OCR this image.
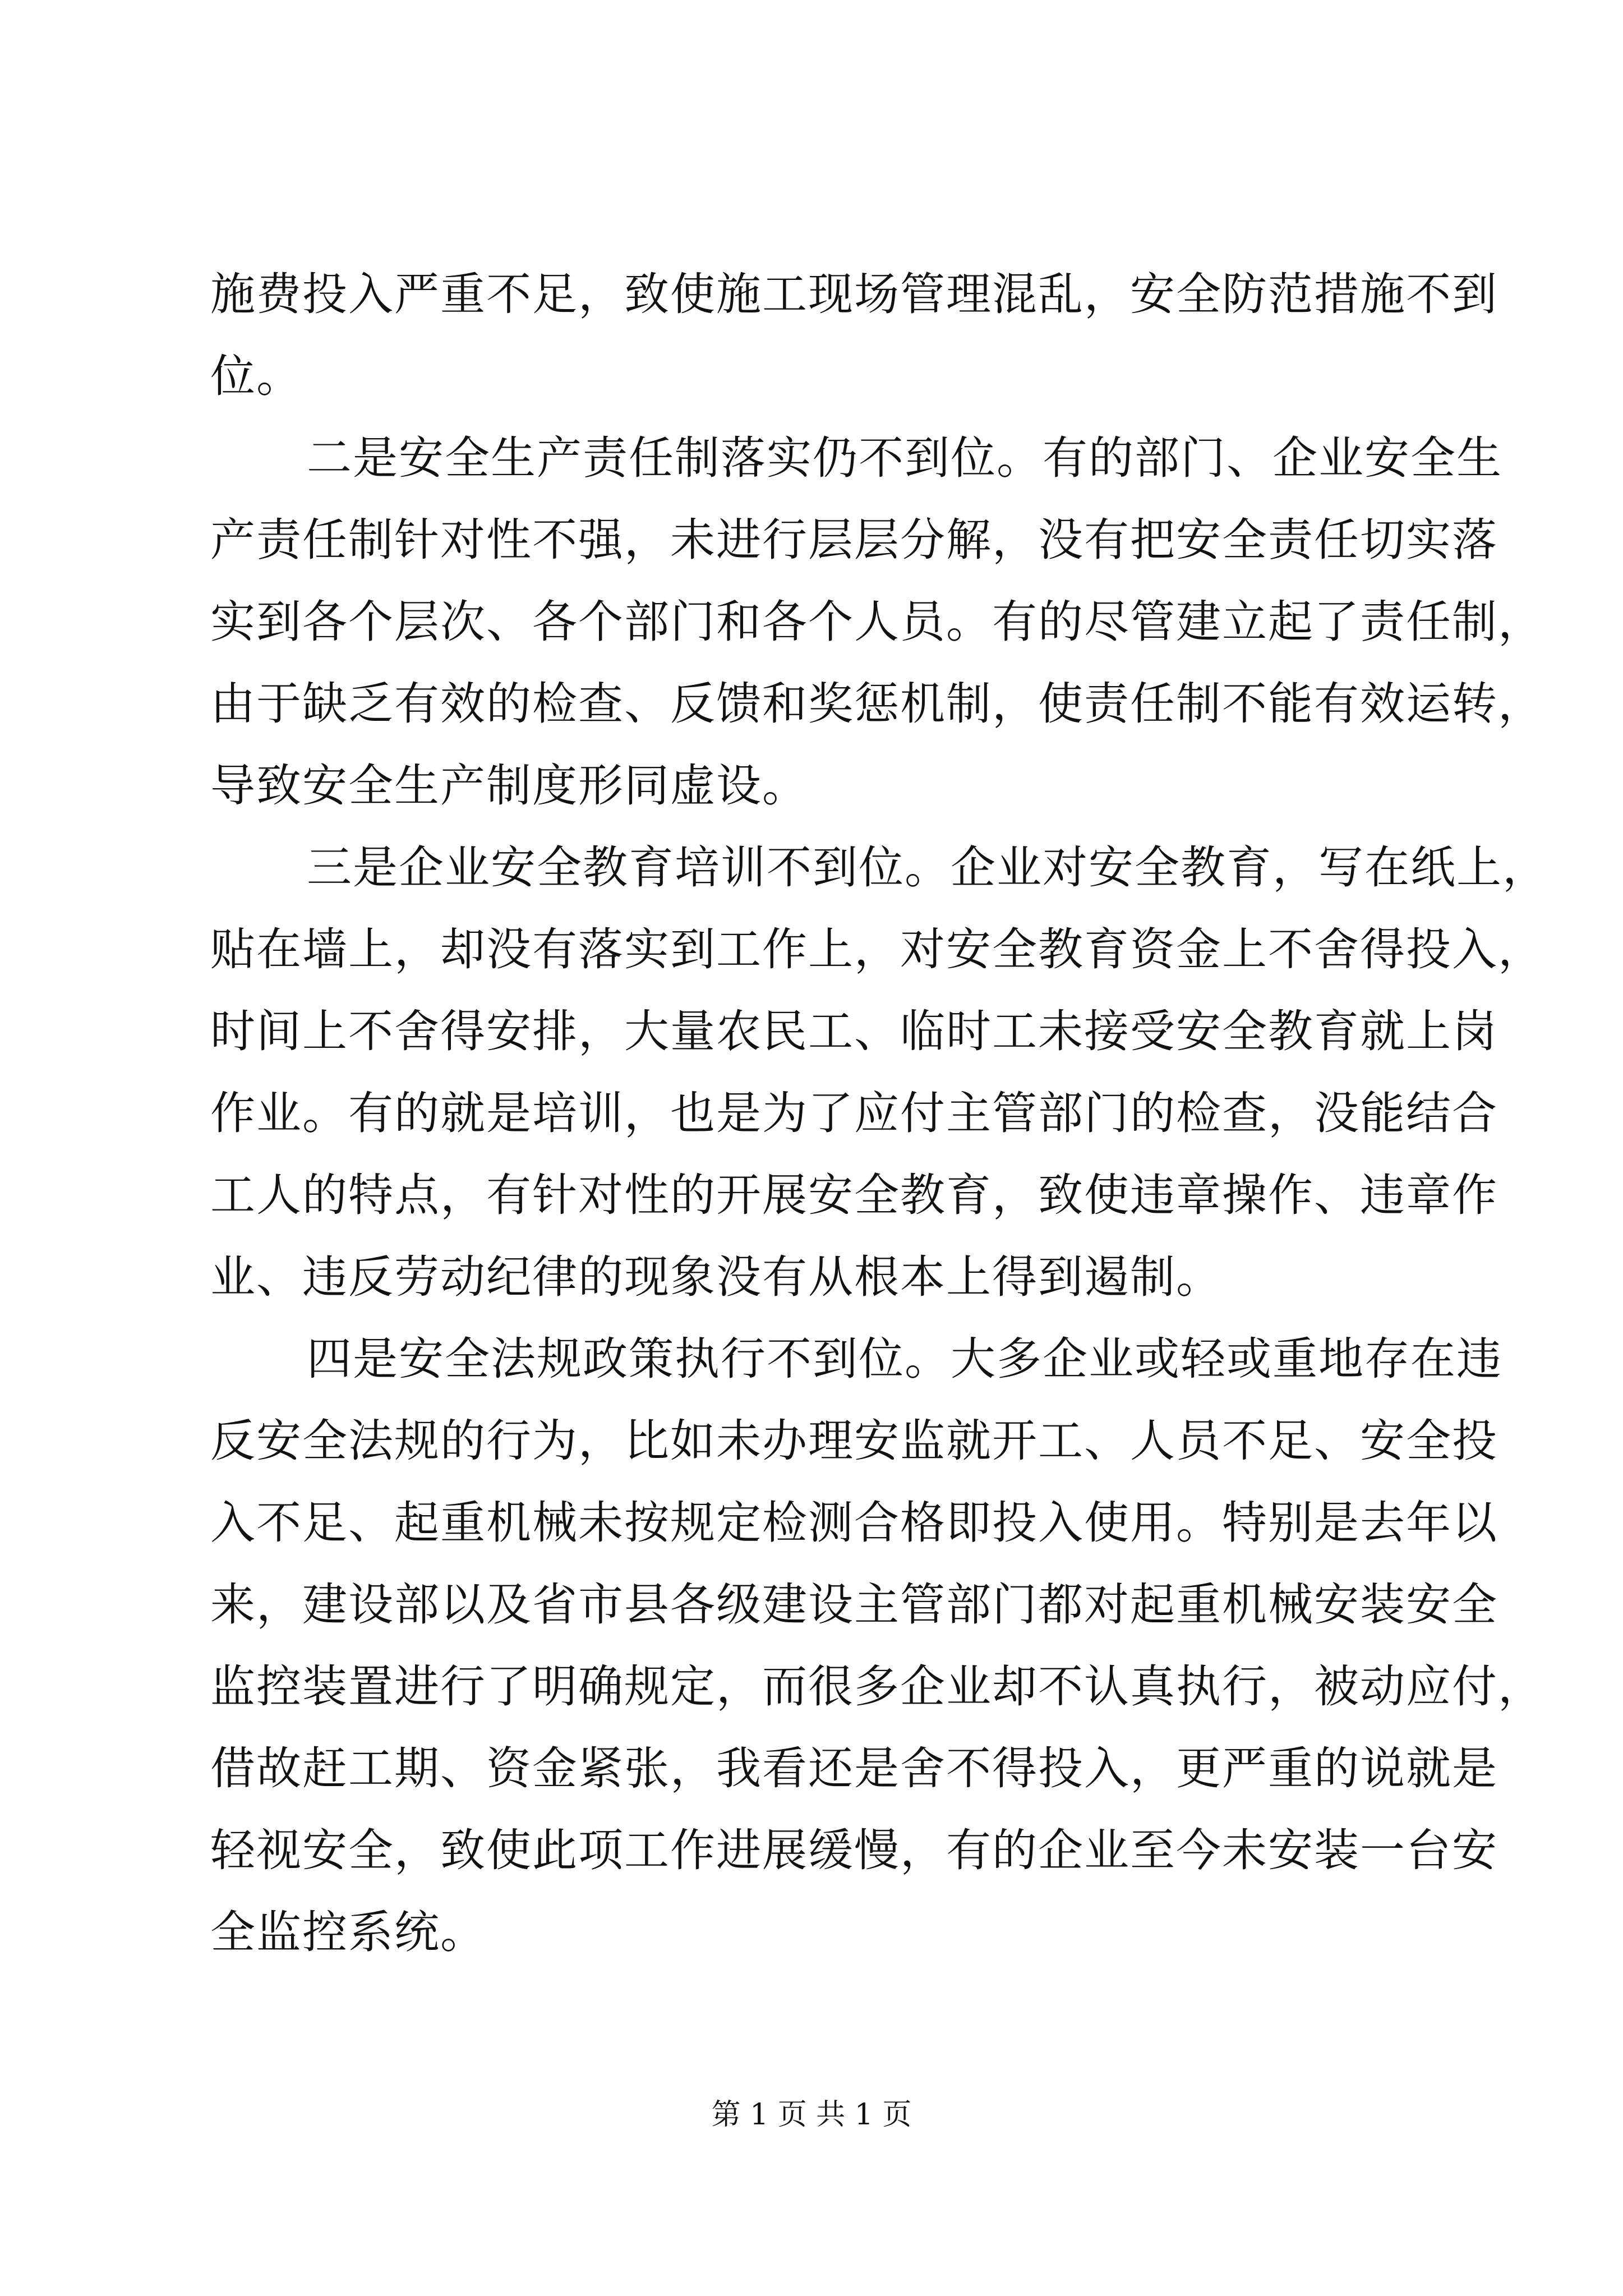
施费投入严重不足，致使施工现场管理混乱，安全防范措施不到
位。
二是安全生产责任制落实仍不到位。有的部门、企业安全生
产责任制针对性不强，未进行层层分解，没有把安全责任切实落
实到各个层次、各个部门和各个人员。有的尽管建立起了责任制，
由于缺乏有效的检查、反馈和奖惩机制，使责任制不能有效运转，
导致安全生产制度形同虚设。
三是企业安全教育培训不到位。企业对安全教育，写在纸上，
贴在墙上，却没有落实到工作上，对安全教育资金上不舍得投入，
时间上不舍得安排，大量农民工、临时工未接受安全教育就上岗
作业。有的就是培训，也是为了应付主管部门的检查，没能结合
工人的特点，有针对性的开展安全教育，致使违章操作、违章作
业、违反劳动纪律的现象没有从根本上得到遏制。
四是安全法规政策执行不到位。大多企业或轻或重地存在违
反安全法规的行为，比如未办理安监就开工、人员不足、安全投
入不足、起重机械未按规定检测合格即投入使用。特别是去年以
来，建设部以及省市县各级建设主管部门都对起重机械安装安全
监控装置进行了明确规定，而很多企业却不认真执行，被动应付，
借故赶工期、资金紧张，我看还是舍不得投入，更严重的说就是
轻视安全，致使此项工作进展缓慢，有的企业至今未安装一台安
全监控系统。
第 1 页 共 1 页
